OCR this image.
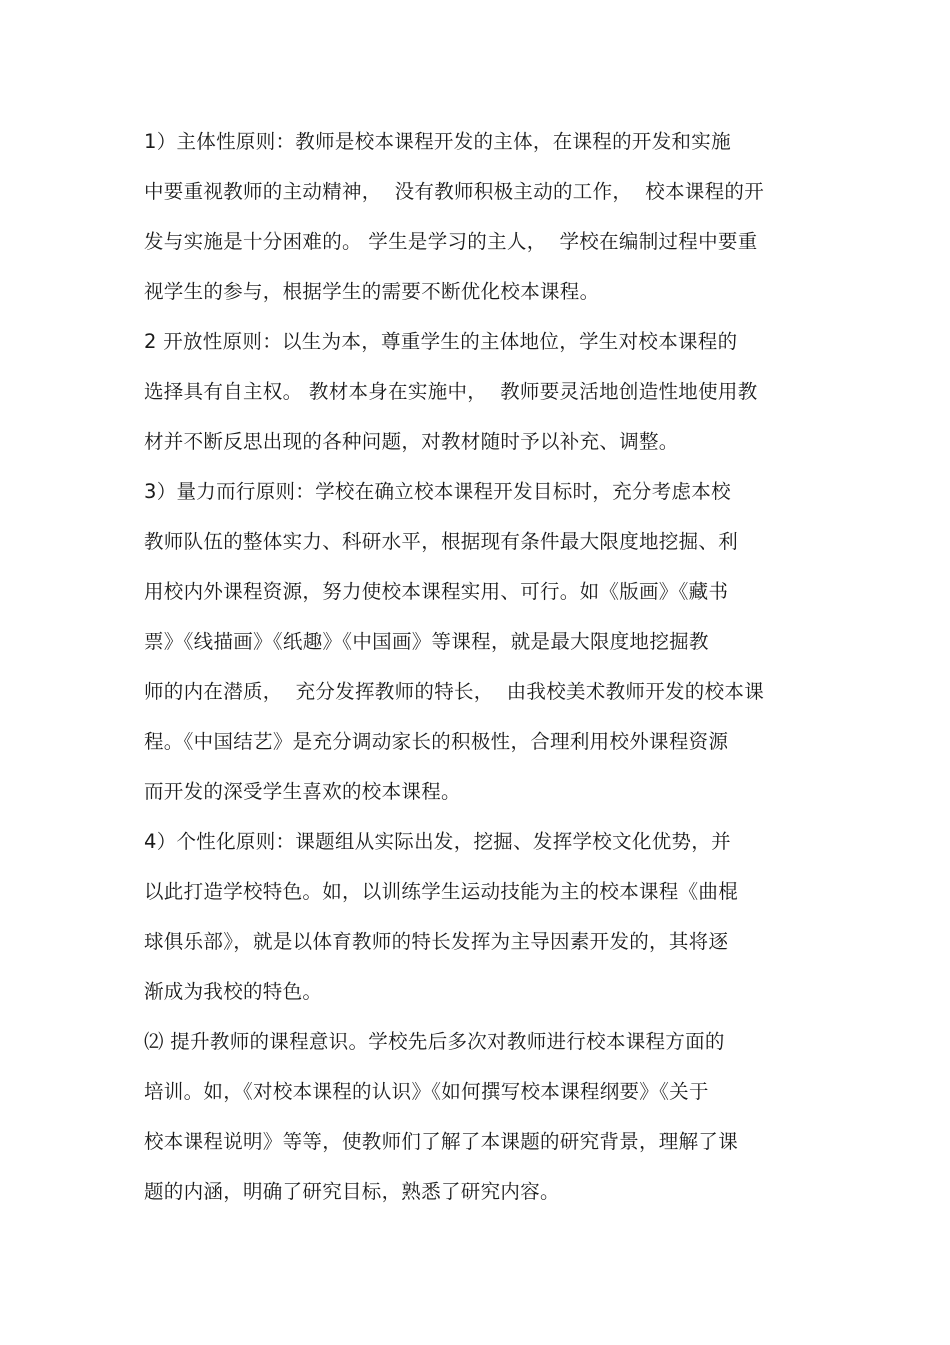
1）主体性原则：教师是校本课程开发的主体，在课程的开发和实施
中要重视教师的主动精神，  没有教师积极主动的工作，  校本课程的开
发与实施是十分困难的。 学生是学习的主人，  学校在编制过程中要重
视学生的参与，根据学生的需要不断优化校本课程。
2 开放性原则：以生为本，尊重学生的主体地位，学生对校本课程的
选择具有自主权。 教材本身在实施中，  教师要灵活地创造性地使用教
材并不断反思出现的各种问题，对教材随时予以补充、调整。
3）量力而行原则：学校在确立校本课程开发目标时，充分考虑本校
教师队伍的整体实力、科研水平，根据现有条件最大限度地挖掘、利
用校内外课程资源，努力使校本课程实用、可行。如《版画》《藏书
票》《线描画》《纸趣》《中国画》等课程，就是最大限度地挖掘教
师的内在潜质，  充分发挥教师的特长，  由我校美术教师开发的校本课
程。《中国结艺》是充分调动家长的积极性，合理利用校外课程资源
而开发的深受学生喜欢的校本课程。
4）个性化原则：课题组从实际出发，挖掘、发挥学校文化优势，并
以此打造学校特色。如，以训练学生运动技能为主的校本课程《曲棍
球俱乐部》，就是以体育教师的特长发挥为主导因素开发的，其将逐
渐成为我校的特色。
⑵ 提升教师的课程意识。学校先后多次对教师进行校本课程方面的
培训。如，《对校本课程的认识》《如何撰写校本课程纲要》《关于
校本课程说明》等等，使教师们了解了本课题的研究背景，理解了课
题的内涵，明确了研究目标，熟悉了研究内容。
